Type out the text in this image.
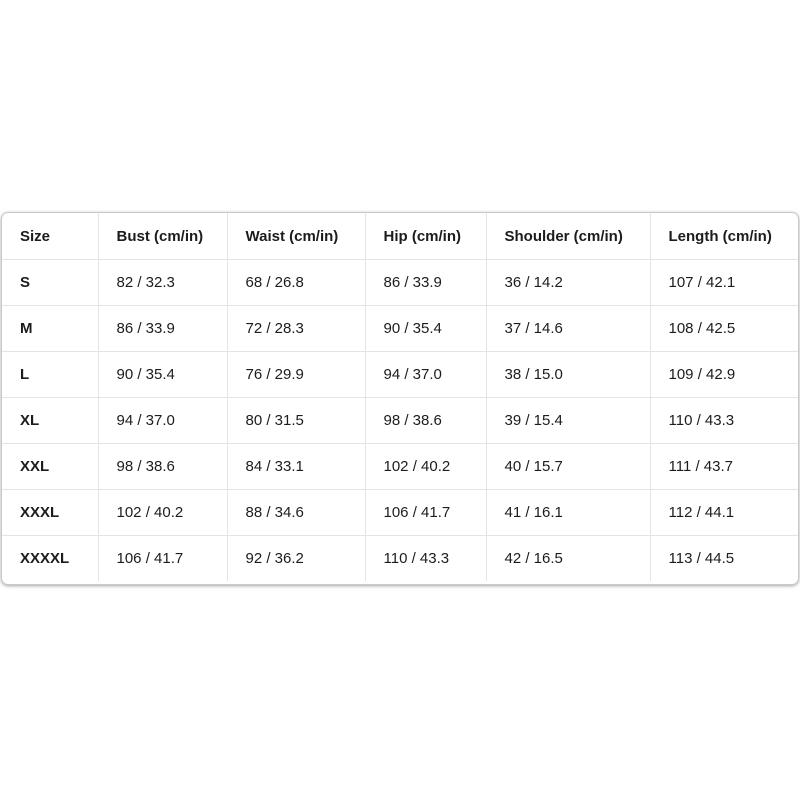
Size	Bust (cm/in)	Waist (cm/in)	Hip (cm/in)	Shoulder (cm/in)	Length (cm/in)
S	82 / 32.3	68 / 26.8	86 / 33.9	36 / 14.2	107 / 42.1
M	86 / 33.9	72 / 28.3	90 / 35.4	37 / 14.6	108 / 42.5
L	90 / 35.4	76 / 29.9	94 / 37.0	38 / 15.0	109 / 42.9
XL	94 / 37.0	80 / 31.5	98 / 38.6	39 / 15.4	110 / 43.3
XXL	98 / 38.6	84 / 33.1	102 / 40.2	40 / 15.7	111 / 43.7
XXXL	102 / 40.2	88 / 34.6	106 / 41.7	41 / 16.1	112 / 44.1
XXXXL	106 / 41.7	92 / 36.2	110 / 43.3	42 / 16.5	113 / 44.5
